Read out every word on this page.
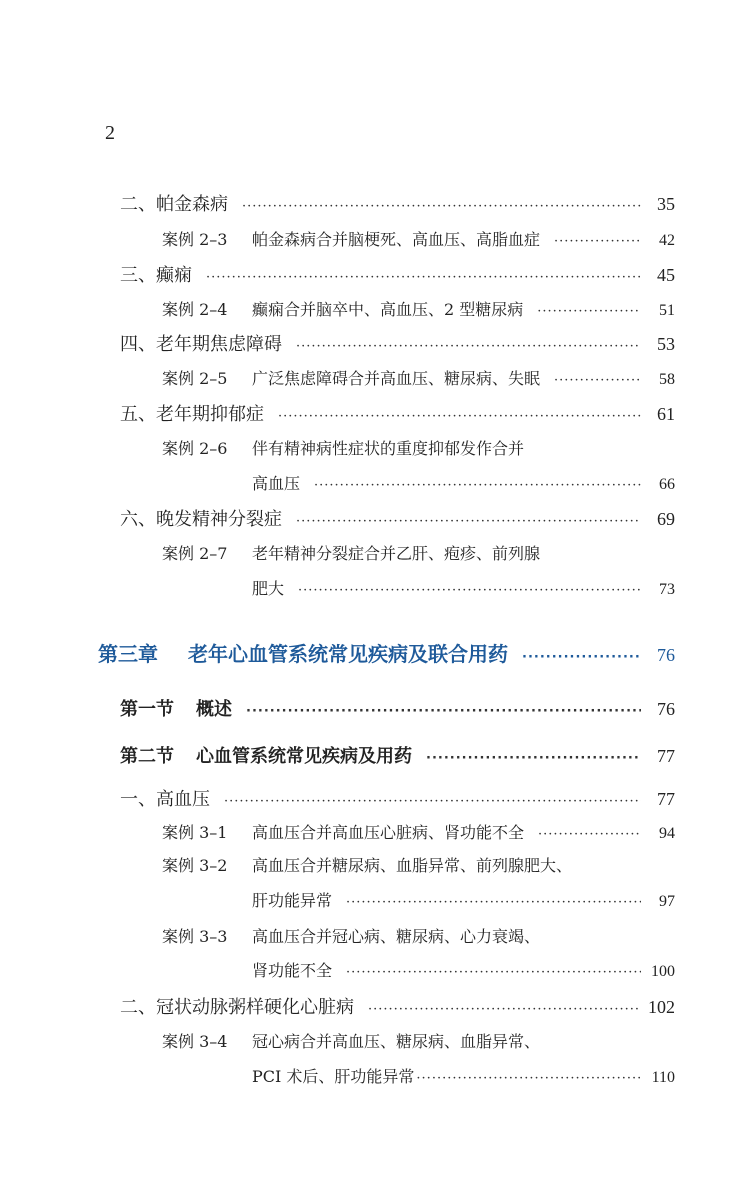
2
二、帕金森病 ·····	35
案例 2–3 帕金森病合并脑梗死、高血压、高脂血症 ·····	42
三、癫痫 ·····	45
案例 2–4 癫痫合并脑卒中、高血压、2 型糖尿病 ·····	51
四、老年期焦虑障碍 ·····	53
案例 2–5 广泛焦虑障碍合并高血压、糖尿病、失眠 ·····	58
五、老年期抑郁症 ·····	61
案例 2–6 伴有精神病性症状的重度抑郁发作合并
高血压 ·····	66
六、晚发精神分裂症 ·····	69
案例 2–7 老年精神分裂症合并乙肝、疱疹、前列腺
肥大 ·····	73
第三章 老年心血管系统常见疾病及联合用药 ·····	76
第一节 概述 ·····	76
第二节 心血管系统常见疾病及用药 ·····	77
一、高血压 ·····	77
案例 3–1 高血压合并高血压心脏病、肾功能不全 ·····	94
案例 3–2 高血压合并糖尿病、血脂异常、前列腺肥大、
肝功能异常 ·····	97
案例 3–3 高血压合并冠心病、糖尿病、心力衰竭、
肾功能不全 ·····	100
二、冠状动脉粥样硬化心脏病 ·····	102
案例 3–4 冠心病合并高血压、糖尿病、血脂异常、
PCI 术后、肝功能异常 ·····	110
